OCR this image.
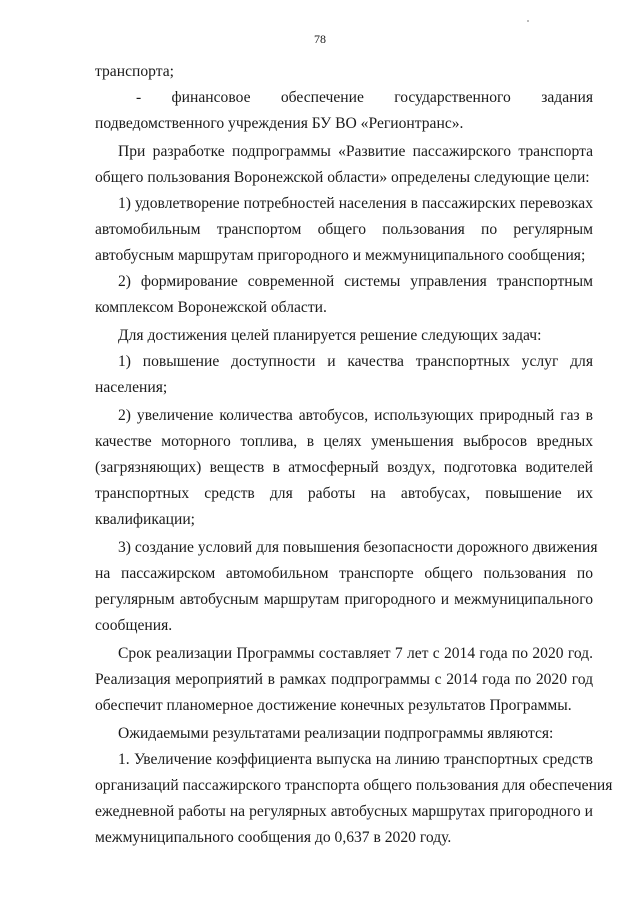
78
транспорта;
- финансовое обеспечение государственного задания
подведомственного учреждения БУ ВО «Регионтранс».
При разработке подпрограммы «Развитие пассажирского транспорта
общего пользования Воронежской области» определены следующие цели:
1) удовлетворение потребностей населения в пассажирских перевозках
автомобильным транспортом общего пользования по регулярным
автобусным маршрутам пригородного и межмуниципального сообщения;
2) формирование современной системы управления транспортным
комплексом Воронежской области.
Для достижения целей планируется решение следующих задач:
1) повышение доступности и качества транспортных услуг для
населения;
2) увеличение количества автобусов, использующих природный газ в
качестве моторного топлива, в целях уменьшения выбросов вредных
(загрязняющих) веществ в атмосферный воздух, подготовка водителей
транспортных средств для работы на автобусах, повышение их
квалификации;
3) создание условий для повышения безопасности дорожного движения
на пассажирском автомобильном транспорте общего пользования по
регулярным автобусным маршрутам пригородного и межмуниципального
сообщения.
Срок реализации Программы составляет 7 лет с 2014 года по 2020 год.
Реализация мероприятий в рамках подпрограммы с 2014 года по 2020 год
обеспечит планомерное достижение конечных результатов Программы.
Ожидаемыми результатами реализации подпрограммы являются:
1. Увеличение коэффициента выпуска на линию транспортных средств
организаций пассажирского транспорта общего пользования для обеспечения
ежедневной работы на регулярных автобусных маршрутах пригородного и
межмуниципального сообщения до 0,637 в 2020 году.
